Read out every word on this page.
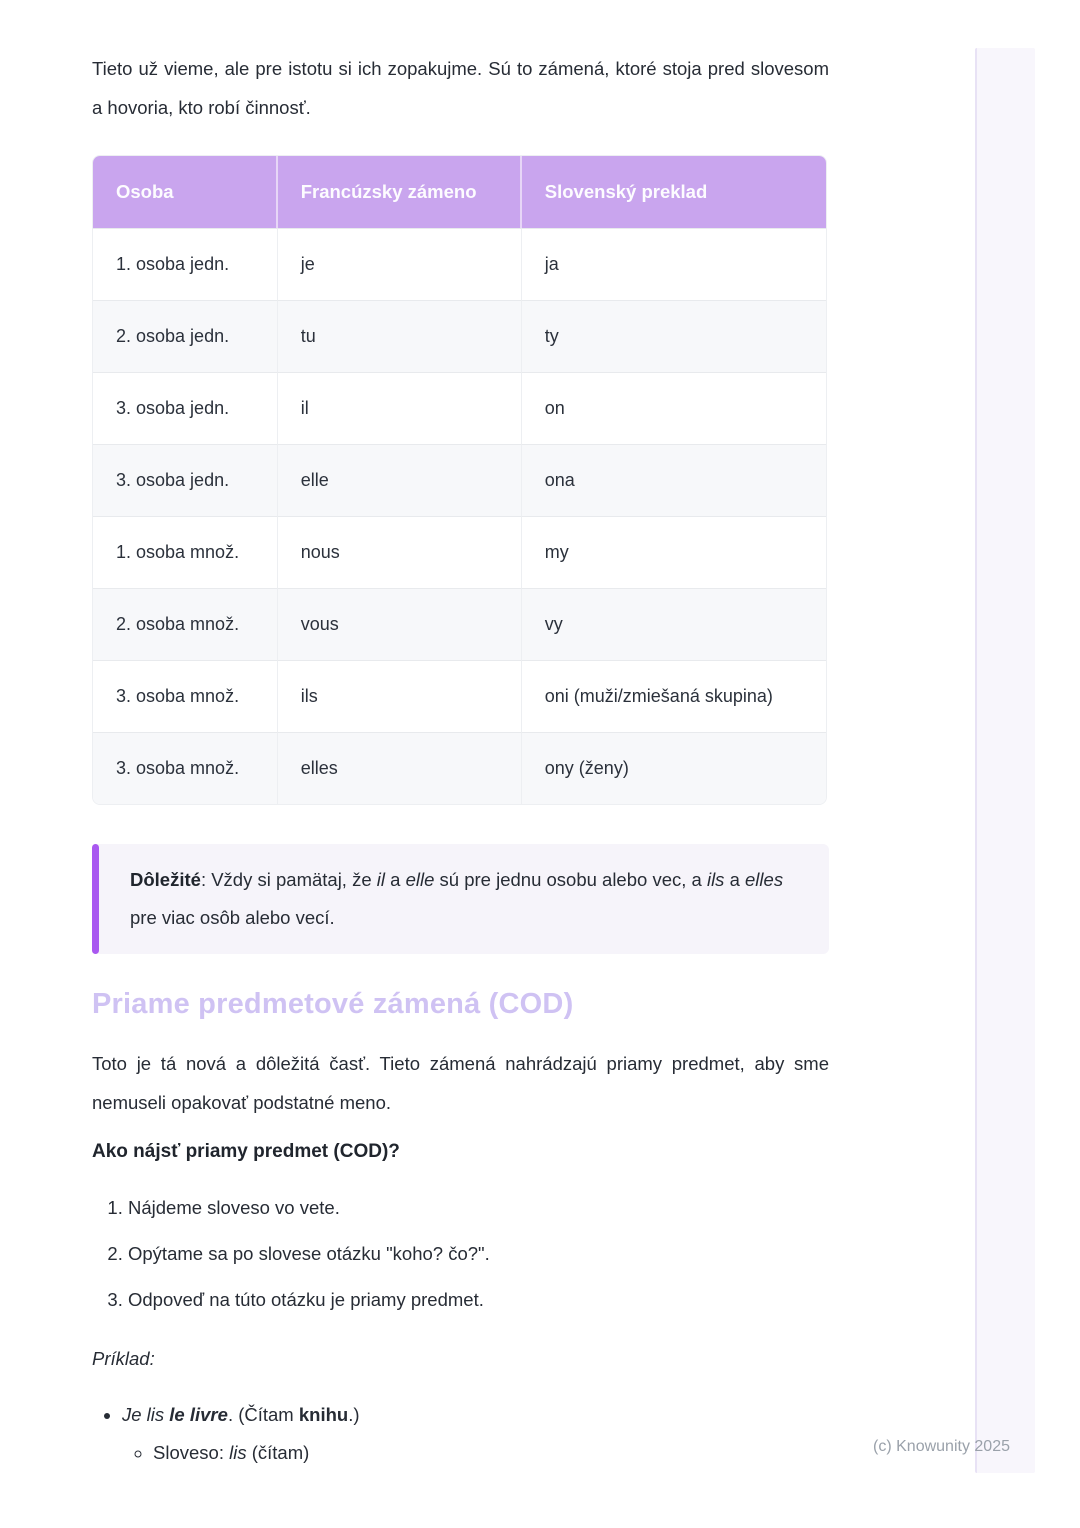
Tieto už vieme, ale pre istotu si ich zopakujme. Sú to zámená, ktoré stoja pred slovesom a hovoria, kto robí činnosť.

Osoba	Francúzsky zámeno	Slovenský preklad
1. osoba jedn.	je	ja
2. osoba jedn.	tu	ty
3. osoba jedn.	il	on
3. osoba jedn.	elle	ona
1. osoba množ.	nous	my
2. osoba množ.	vous	vy
3. osoba množ.	ils	oni (muži/zmiešaná skupina)
3. osoba množ.	elles	ony (ženy)
Dôležité: Vždy si pamätaj, že il a elle sú pre jednu osobu alebo vec, a ils a elles pre viac osôb alebo vecí.
Priame predmetové zámená (COD)

Toto je tá nová a dôležitá časť. Tieto zámená nahrádzajú priamy predmet, aby sme nemuseli opakovať podstatné meno.

Ako nájsť priamy predmet (COD)?
1. Nájdeme sloveso vo vete.
2. Opýtame sa po slovese otázku "koho? čo?".
3. Odpoveď na túto otázku je priamy predmet.

Príklad:

• Je lis le livre. (Čítam knihu.)
◦ Sloveso: lis (čítam)	(c) Knowunity 2025
